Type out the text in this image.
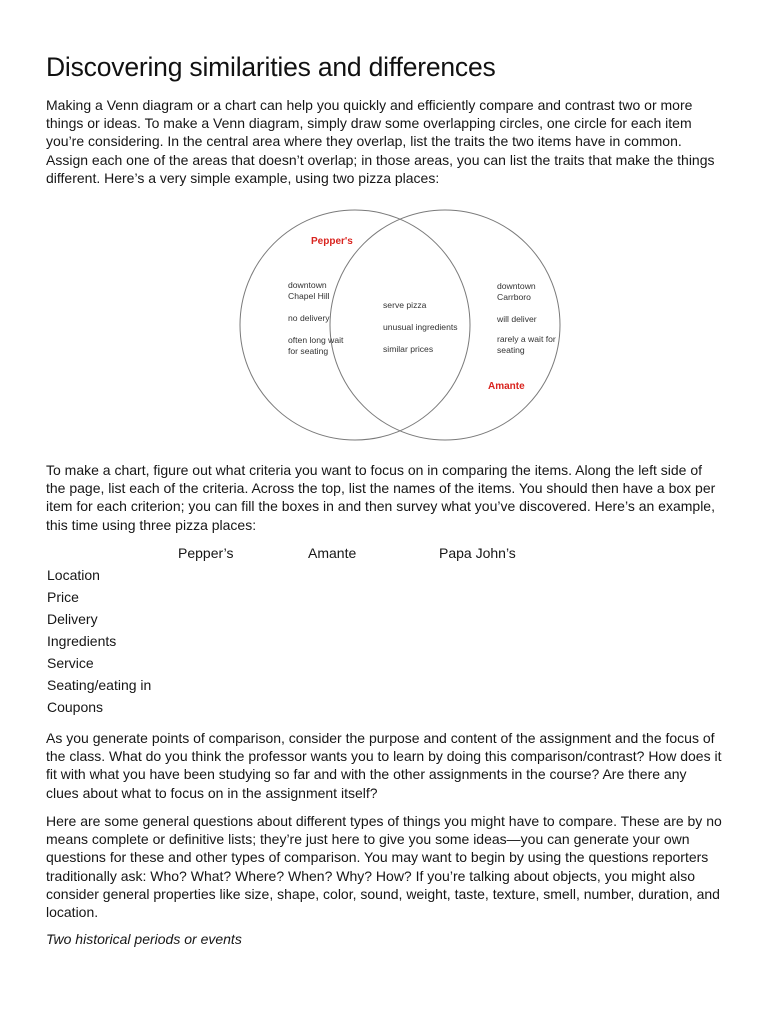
Discovering similarities and differences

Making a Venn diagram or a chart can help you quickly and efficiently compare and contrast two or more things or ideas. To make a Venn diagram, simply draw some overlapping circles, one circle for each item you’re considering. In the central area where they overlap, list the traits the two items have in common. Assign each one of the areas that doesn’t overlap; in those areas, you can list the traits that make the things different. Here’s a very simple example, using two pizza places:

Pepper's
Amante
downtown
Chapel Hill
no delivery
often long wait
for seating
serve pizza
unusual ingredients
similar prices
downtown
Carrboro
will deliver
rarely a wait for
seating

To make a chart, figure out what criteria you want to focus on in comparing the items. Along the left side of the page, list each of the criteria. Across the top, list the names of the items. You should then have a box per item for each criterion; you can fill the boxes in and then survey what you’ve discovered. Here’s an example, this time using three pizza places:

Pepper’s	Amante	Papa John’s
Location
Price
Delivery
Ingredients
Service
Seating/eating in
Coupons

As you generate points of comparison, consider the purpose and content of the assignment and the focus of the class. What do you think the professor wants you to learn by doing this comparison/contrast? How does it fit with what you have been studying so far and with the other assignments in the course? Are there any clues about what to focus on in the assignment itself?

Here are some general questions about different types of things you might have to compare. These are by no means complete or definitive lists; they’re just here to give you some ideas—you can generate your own questions for these and other types of comparison. You may want to begin by using the questions reporters traditionally ask: Who? What? Where? When? Why? How? If you’re talking about objects, you might also consider general properties like size, shape, color, sound, weight, taste, texture, smell, number, duration, and location.

Two historical periods or events
